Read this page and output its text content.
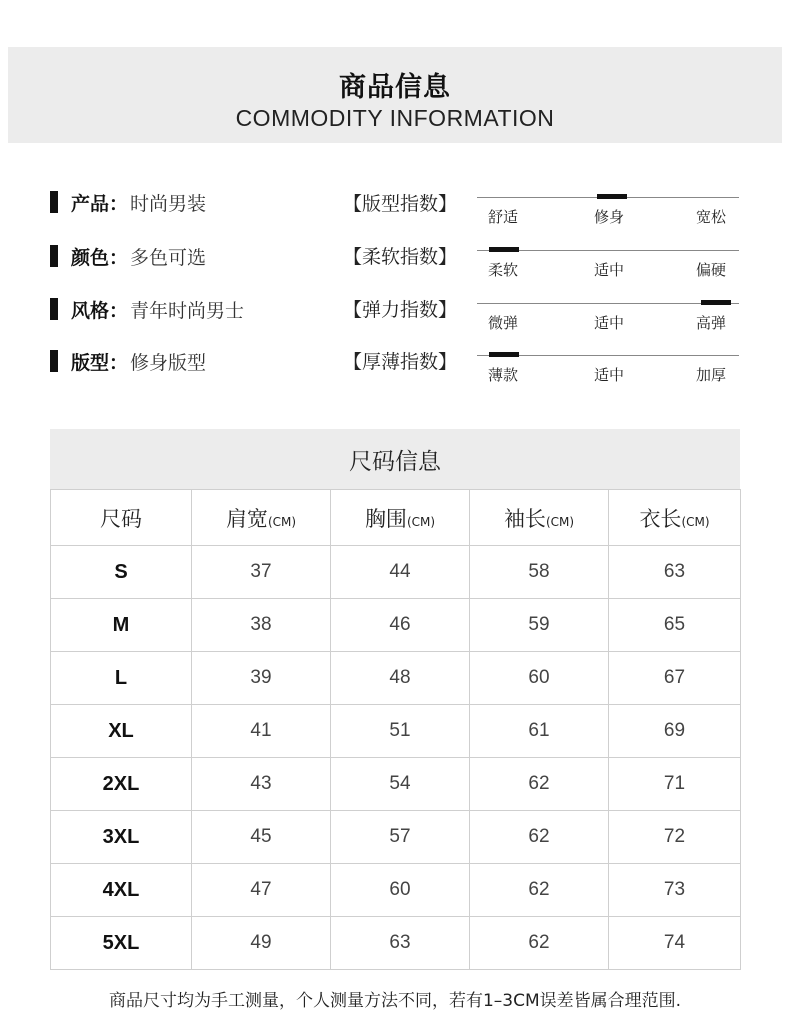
商品信息
COMMODITY INFORMATION
产品： 时尚男装
颜色： 多色可选
风格： 青年时尚男士
版型： 修身版型
【版型指数】
【柔软指数】
【弹力指数】
【厚薄指数】
舒适	修身	宽松
柔软	适中	偏硬
微弹	适中	高弹
薄款	适中	加厚
尺码信息
尺码	肩宽(CM)	胸围(CM)	袖长(CM)	衣长(CM)
S	37	44	58	63
M	38	46	59	65
L	39	48	60	67
XL	41	51	61	69
2XL	43	54	62	71
3XL	45	57	62	72
4XL	47	60	62	73
5XL	49	63	62	74
商品尺寸均为手工测量，个人测量方法不同，若有1–3CM误差皆属合理范围.
